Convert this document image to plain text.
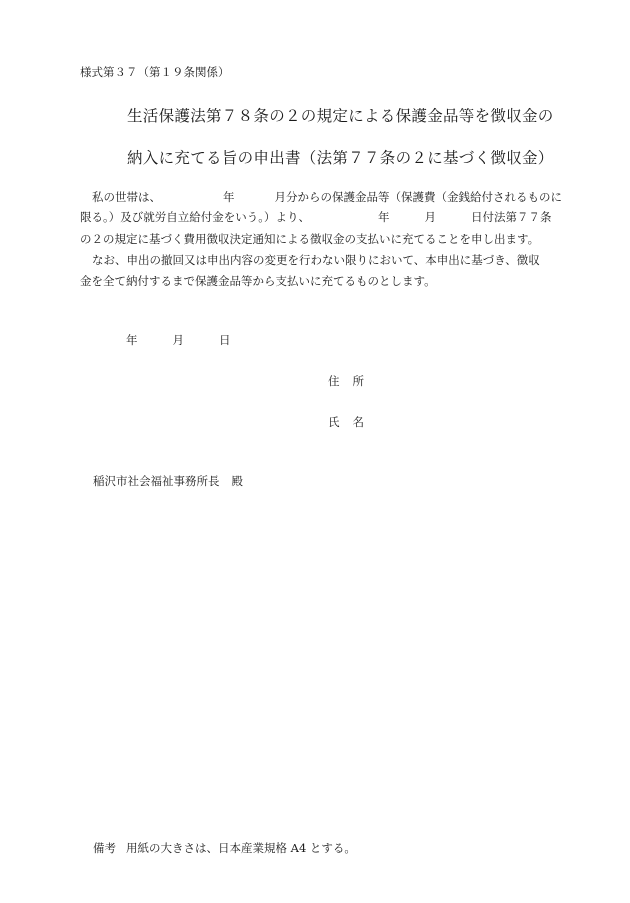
様式第３７（第１９条関係）
生活保護法第７８条の２の規定による保護金品等を徴収金の
納入に充てる旨の申出書（法第７７条の２に基づく徴収金）
私の世帯は、	年	月分からの保護金品等（保護費（金銭給付されるものに
限る。）及び就労自立給付金をいう。）より、	年	月	日付法第７７条
の２の規定に基づく費用徴収決定通知による徴収金の支払いに充てることを申し出ます。
なお、申出の撤回又は申出内容の変更を行わない限りにおいて、本申出に基づき、徴収
金を全て納付するまで保護金品等から支払いに充てるものとします。
年	月	日
住 所
氏 名
稲沢市社会福祉事務所長 殿
備考 用紙の大きさは、日本産業規格 A4 とする。
